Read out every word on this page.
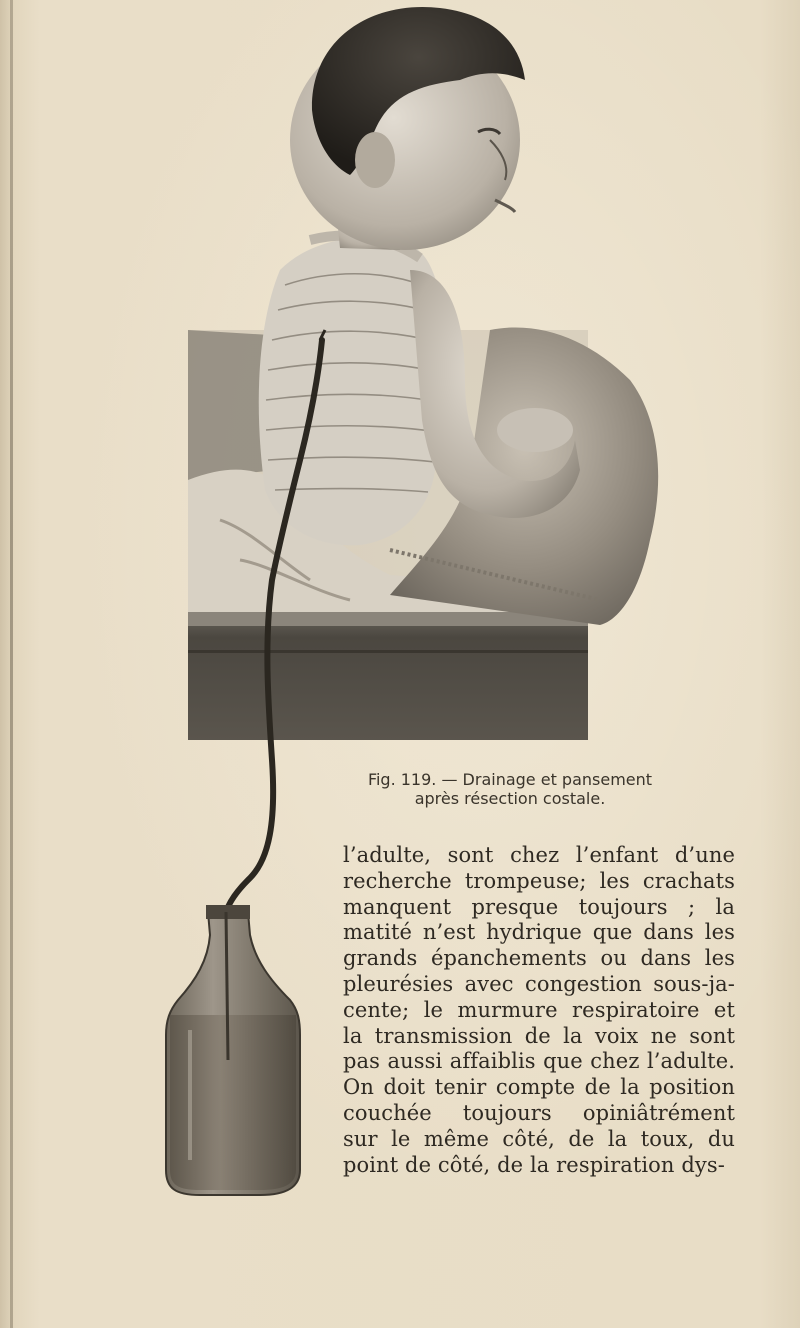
Fig. 119. — Drainage et pansement
après résection costale.
l’adulte, sont chez l’enfant d’une
recherche trompeuse; les crachats
manquent presque toujours ; la
matité n’est hydrique que dans les
grands épanchements ou dans les
pleurésies avec congestion sous-ja-
cente; le murmure respiratoire et
la transmission de la voix ne sont
pas aussi affaiblis que chez l’adulte.
On doit tenir compte de la position
couchée toujours opiniâtrément
sur le même côté, de la toux, du
point de côté, de la respiration dys-
